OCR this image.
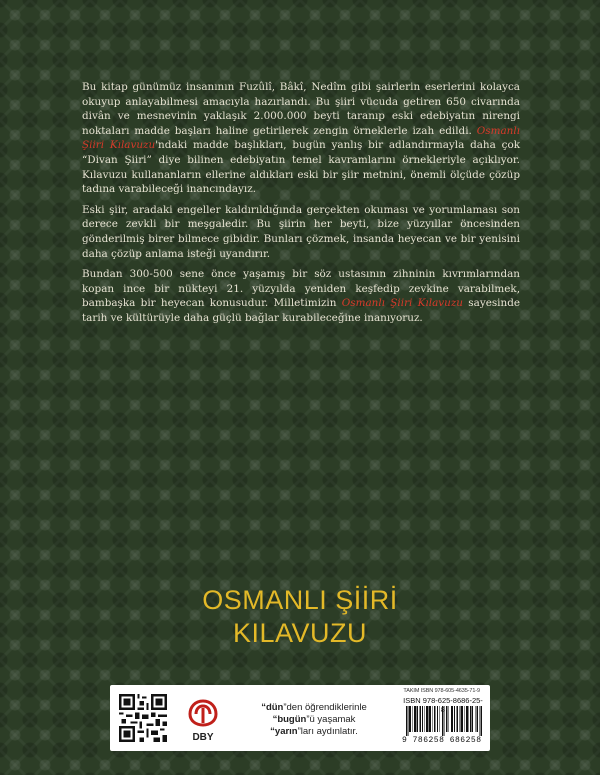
Bu kitap günümüz insanının Fuzûlî, Bâkî, Nedîm gibi şairlerin eserlerini kolayca okuyup anlayabilmesi amacıyla hazırlandı. Bu şiiri vücuda getiren 650 civarında divân ve mesnevinin yaklaşık 2.000.000 beyti taranıp eski edebiyatın nirengi noktaları madde başları haline getirilerek zengin örneklerle izah edildi. Osmanlı Şiiri Kılavuzu'ndaki madde başlıkları, bugün yanlış bir adlandırmayla daha çok “Divan Şiiri” diye bilinen edebiyatın temel kavramlarını örnekleriyle açıklıyor. Kılavuzu kullananların ellerine aldıkları eski bir şiir metnini, önemli ölçüde çözüp tadına varabileceği inancındayız.

Eski şiir, aradaki engeller kaldırıldığında gerçekten okuması ve yorumlaması son derece zevkli bir meşgaledir. Bu şiirin her beyti, bize yüzyıllar öncesinden gönderilmiş birer bilmece gibidir. Bunları çözmek, insanda heyecan ve bir yenisini daha çözüp anlama isteği uyandırır.

Bundan 300-500 sene önce yaşamış bir söz ustasının zihninin kıvrımlarından kopan ince bir nükteyi 21. yüzyılda yeniden keşfedip zevkine varabilmek, bambaşka bir heyecan konusudur. Milletimizin Osmanlı Şiiri Kılavuzu sayesinde tarih ve kültürüyle daha güçlü bağlar kurabileceğine inanıyoruz.

OSMANLI ŞİİRİ
KILAVUZU
DBY
“dün”den öğrendiklerinle
“bugün”ü yaşamak
“yarın”ları aydınlatır.
TAKIM ISBN 978-605-4635-71-9
ISBN 978-625-8686-25-8
9 786258 686258
